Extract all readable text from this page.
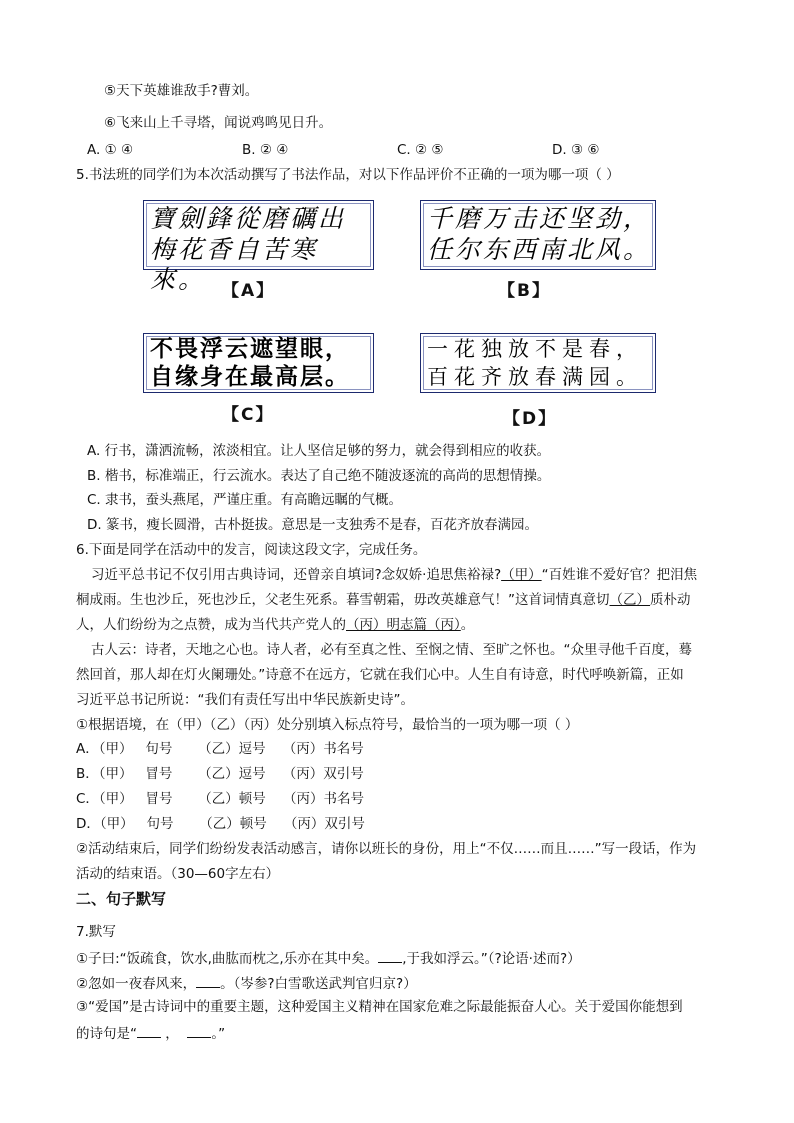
⑤天下英雄谁敌手?曹刘。
⑥飞来山上千寻塔，闻说鸡鸣见日升。
A. ① ④	B. ② ④	C. ② ⑤	D. ③ ⑥
5.书法班的同学们为本次活动撰写了书法作品，对以下作品评价不正确的一项为哪一项（ ）
寶劍鋒從磨礪出
梅花香自苦寒來。 【A】
千磨万击还坚劲，
任尔东西南北风。
【B】
不畏浮云遮望眼，
自缘身在最高层。
【C】
一花独放不是春，
百花齐放春满园。
【D】
A. 行书，潇洒流畅，浓淡相宜。让人坚信足够的努力，就会得到相应的收获。
B. 楷书，标准端正，行云流水。表达了自己绝不随波逐流的高尚的思想情操。
C. 隶书，蚕头燕尾，严谨庄重。有高瞻远瞩的气概。
D. 篆书，瘦长圆滑，古朴挺拔。意思是一支独秀不是春，百花齐放春满园。
6.下面是同学在活动中的发言，阅读这段文字，完成任务。
习近平总书记不仅引用古典诗词，还曾亲自填词?念奴娇·追思焦裕禄?（甲）“百姓谁不爱好官？把泪焦
桐成雨。生也沙丘，死也沙丘，父老生死系。暮雪朝霜，毋改英雄意气！”这首词情真意切（乙）质朴动
人，人们纷纷为之点赞，成为当代共产党人的（丙）明志篇（丙）。
古人云：诗者，天地之心也。诗人者，必有至真之性、至悯之情、至旷之怀也。“众里寻他千百度，蓦
然回首，那人却在灯火阑珊处。”诗意不在远方，它就在我们心中。人生自有诗意，时代呼唤新篇，正如
习近平总书记所说：“我们有责任写出中华民族新史诗”。
①根据语境，在（甲）（乙）（丙）处分别填入标点符号，最恰当的一项为哪一项（ ）
A．（甲）   句号      （乙）逗号    （丙）书名号
B．（甲）   冒号      （乙）逗号    （丙）双引号
C．（甲）   冒号      （乙）顿号    （丙）书名号
D．（甲）   句号      （乙）顿号    （丙）双引号
②活动结束后，同学们纷纷发表活动感言，请你以班长的身份，用上“不仅……而且……”写一段话，作为
活动的结束语。（30—60字左右）
二、句子默写
7.默写
①子曰:“饭疏食，饮水,曲肱而枕之,乐亦在其中矣。 ,于我如浮云。”（?论语·述而?）
②忽如一夜春风来， 。（岑参?白雪歌送武判官归京?）
③“爱国”是古诗词中的重要主题，这种爱国主义精神在国家危难之际最能振奋人心。关于爱国你能想到
的诗句是“ ， 。”
